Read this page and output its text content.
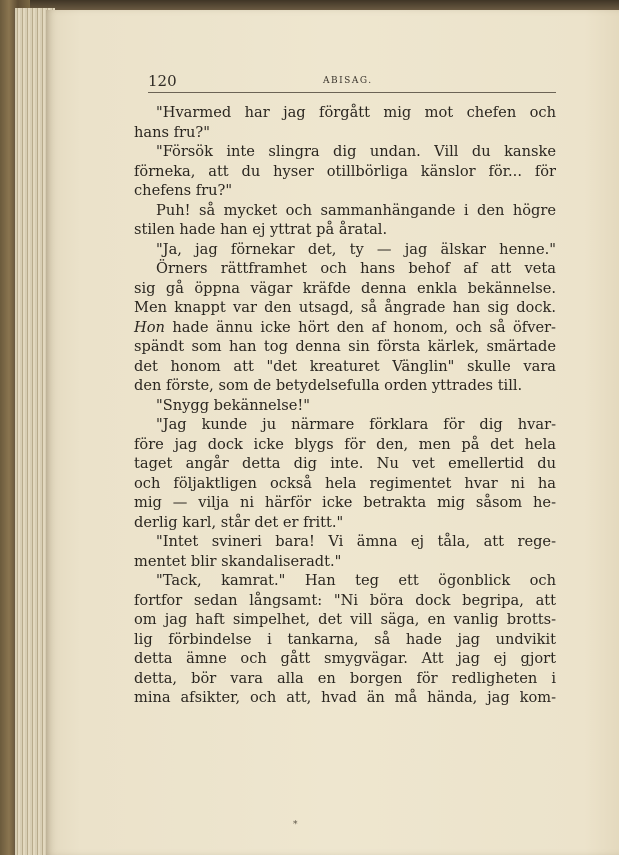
120	ABISAG.
"Hvarmed har jag förgått mig mot chefen och
hans fru?"
"Försök inte slingra dig undan. Vill du kanske
förneka, att du hyser otillbörliga känslor för... för
chefens fru?"
Puh! så mycket och sammanhängande i den högre
stilen hade han ej yttrat på åratal.
"Ja, jag förnekar det, ty — jag älskar henne."
Örners rättframhet och hans behof af att veta
sig gå öppna vägar kräfde denna enkla bekännelse.
Men knappt var den utsagd, så ångrade han sig dock.
Hon hade ännu icke hört den af honom, och så öfver-
spändt som han tog denna sin första kärlek, smärtade
det honom att "det kreaturet Vänglin" skulle vara
den förste, som de betydelsefulla orden yttrades till.
"Snygg bekännelse!"
"Jag kunde ju närmare förklara för dig hvar-
före jag dock icke blygs för den, men på det hela
taget angår detta dig inte. Nu vet emellertid du
och följaktligen också hela regimentet hvar ni ha
mig — vilja ni härför icke betrakta mig såsom he-
derlig karl, står det er fritt."
"Intet svineri bara! Vi ämna ej tåla, att rege-
mentet blir skandaliseradt."
"Tack, kamrat." Han teg ett ögonblick och
fortfor sedan långsamt: "Ni böra dock begripa, att
om jag haft simpelhet, det vill säga, en vanlig brotts-
lig förbindelse i tankarna, så hade jag undvikit
detta ämne och gått smygvägar. Att jag ej gjort
detta, bör vara alla en borgen för redligheten i
mina afsikter, och att, hvad än må hända, jag kom-
*
